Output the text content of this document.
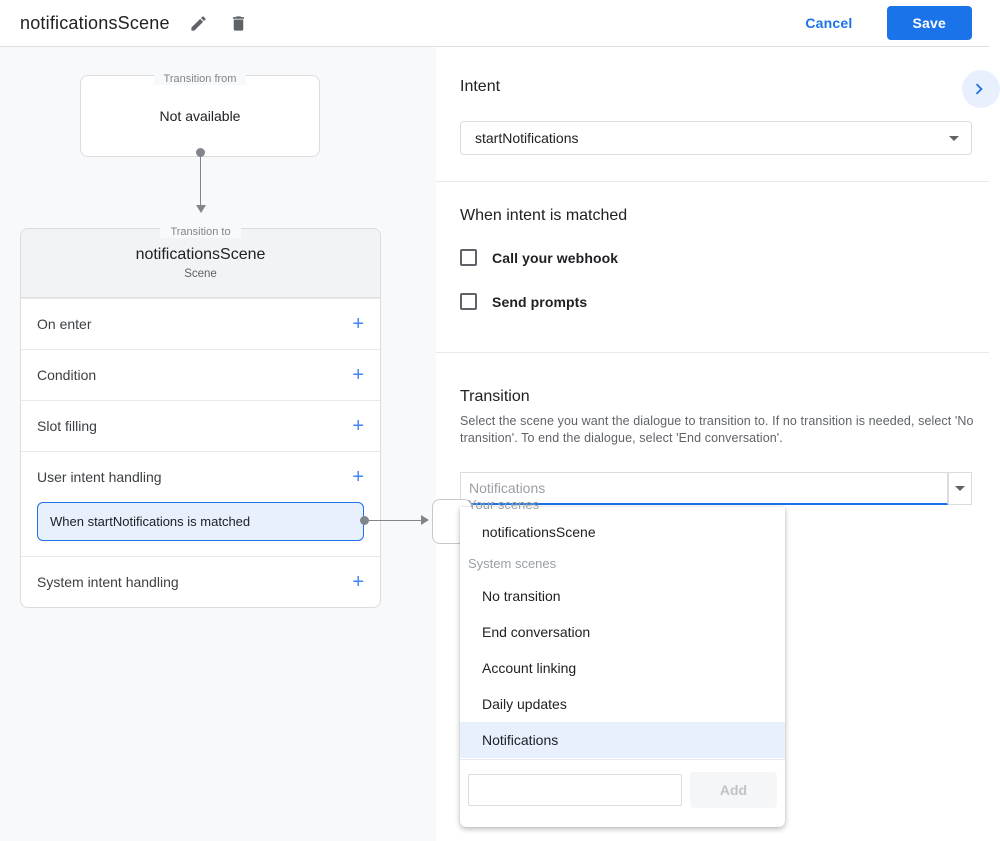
notificationsScene	Cancel	Save
Transition from
Not available
Transition to
notificationsScene
Scene
On enter	+
Condition	+
Slot filling	+
User intent handling	+
When startNotifications is matched
System intent handling	+
Intent
startNotifications
When intent is matched
Call your webhook
Send prompts
Transition
Select the scene you want the dialogue to transition to. If no transition is needed, select 'No transition'. To end the dialogue, select 'End conversation'.
Notifications
Your scenes
notificationsScene
System scenes
No transition
End conversation
Account linking
Daily updates
Notifications
Add
